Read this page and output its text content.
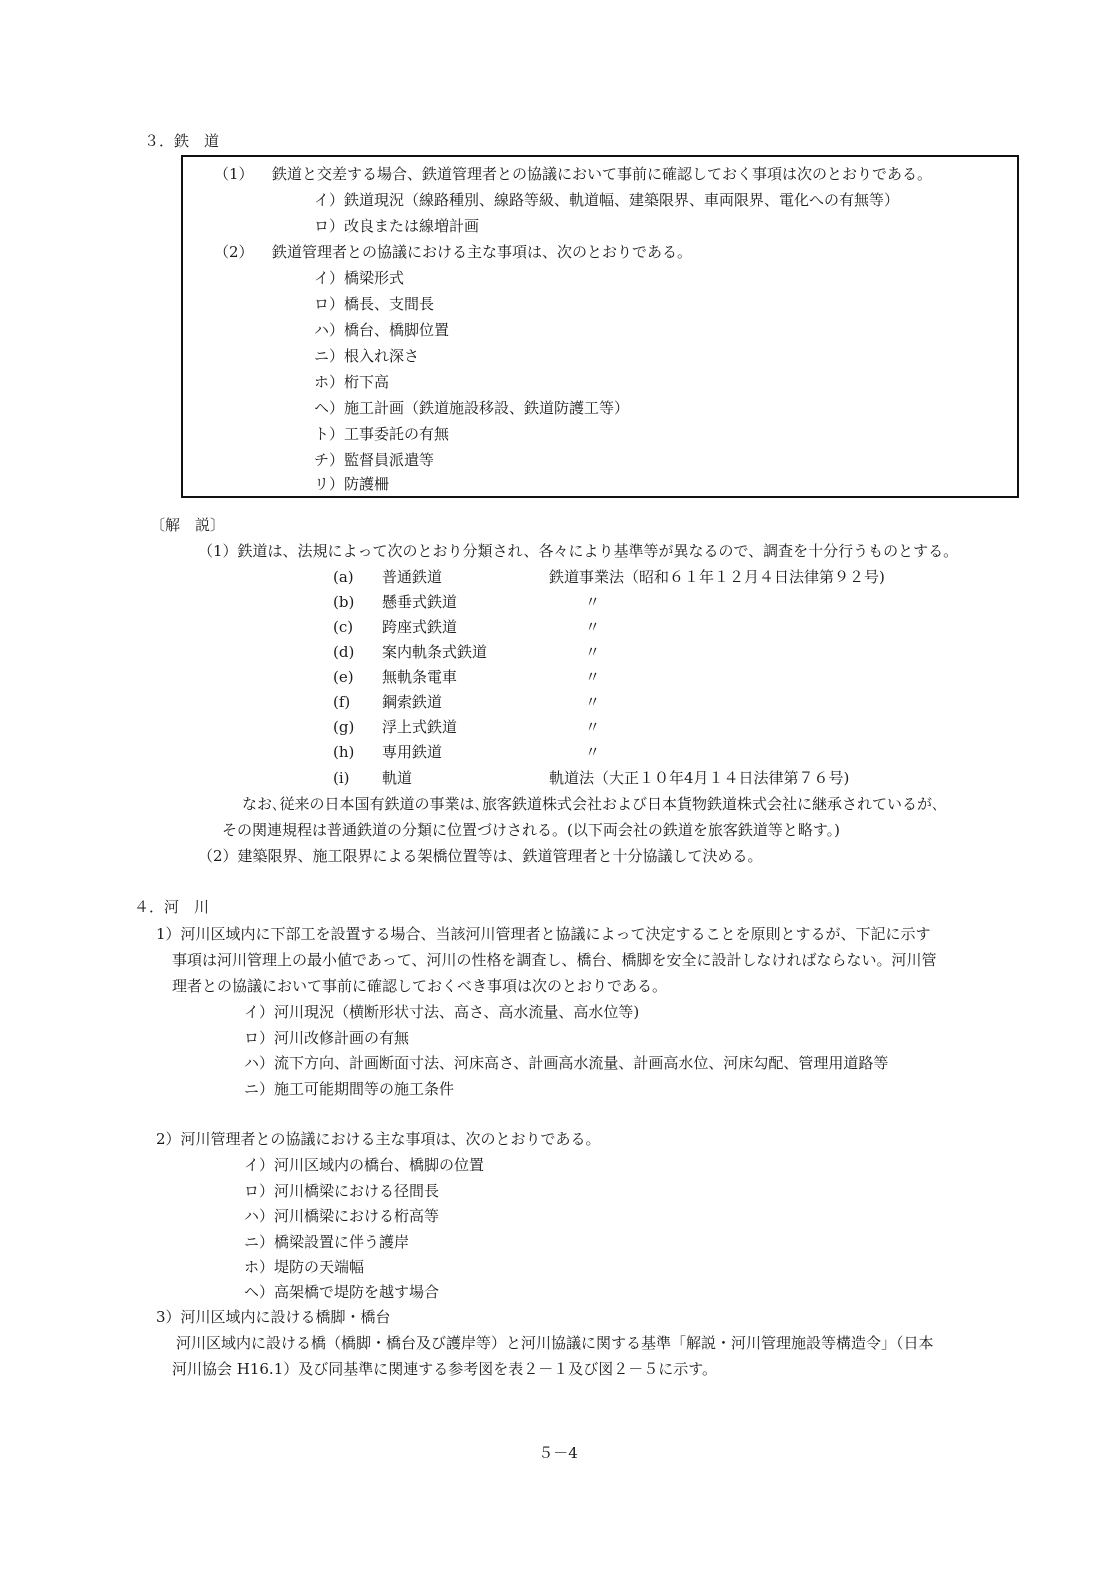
３．鉄　道
（1） 鉄道と交差する場合、鉄道管理者との協議において事前に確認しておく事項は次のとおりである。
イ）鉄道現況（線路種別、線路等級、軌道幅、建築限界、車両限界、電化への有無等）
ロ）改良または線増計画
（2） 鉄道管理者との協議における主な事項は、次のとおりである。
イ）橋梁形式
ロ）橋長、支間長
ハ）橋台、橋脚位置
ニ）根入れ深さ
ホ）桁下高
ヘ）施工計画（鉄道施設移設、鉄道防護工等）
ト）工事委託の有無
チ）監督員派遣等
リ）防護柵
〔解　説〕
（1）鉄道は、法規によって次のとおり分類され、各々により基準等が異なるので、調査を十分行うものとする。
(a) 普通鉄道	鉄道事業法（昭和６１年１２月４日法律第９２号)
(b) 懸垂式鉄道	〃
(c) 跨座式鉄道	〃
(d) 案内軌条式鉄道	〃
(e) 無軌条電車	〃
(f) 鋼索鉄道	〃
(g) 浮上式鉄道	〃
(h) 専用鉄道	〃
(i) 軌道	軌道法（大正１０年4月１４日法律第７６号)
なお､従来の日本国有鉄道の事業は､旅客鉄道株式会社および日本貨物鉄道株式会社に継承されているが､
その関連規程は普通鉄道の分類に位置づけされる。(以下両会社の鉄道を旅客鉄道等と略す。)
（2）建築限界、施工限界による架橋位置等は、鉄道管理者と十分協議して決める。
４．河　川
1）河川区域内に下部工を設置する場合、当該河川管理者と協議によって決定することを原則とするが、下記に示す
事項は河川管理上の最小値であって、河川の性格を調査し、橋台、橋脚を安全に設計しなければならない。河川管
理者との協議において事前に確認しておくべき事項は次のとおりである。
イ）河川現況（横断形状寸法、高さ、高水流量、高水位等)
ロ）河川改修計画の有無
ハ）流下方向、計画断面寸法、河床高さ、計画高水流量、計画高水位、河床勾配、管理用道路等
ニ）施工可能期間等の施工条件
2）河川管理者との協議における主な事項は、次のとおりである。
イ）河川区域内の橋台、橋脚の位置
ロ）河川橋梁における径間長
ハ）河川橋梁における桁高等
ニ）橋梁設置に伴う護岸
ホ）堤防の天端幅
ヘ）高架橋で堤防を越す場合
3）河川区域内に設ける橋脚・橋台
河川区域内に設ける橋（橋脚・橋台及び護岸等）と河川協議に関する基準「解説・河川管理施設等構造令」（日本
河川協会 H16.1）及び同基準に関連する参考図を表２－１及び図２－５に示す。
５－4
